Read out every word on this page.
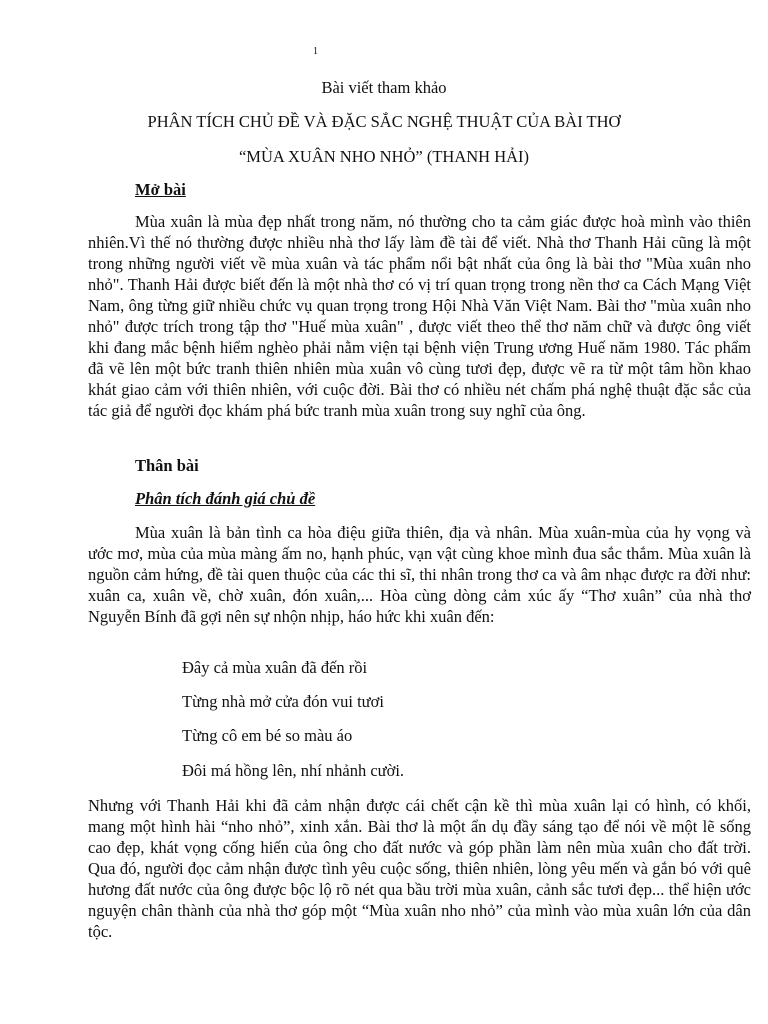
1

Bài viết tham khảo

PHÂN TÍCH CHỦ ĐỀ VÀ ĐẶC SẮC NGHỆ THUẬT CỦA BÀI THƠ

“MÙA XUÂN NHO NHỎ” (THANH HẢI)

Mở bài

Mùa xuân là mùa đẹp nhất trong năm, nó thường cho ta cảm giác được hoà mình vào thiên nhiên.Vì thế nó thường được nhiều nhà thơ lấy làm đề tài để viết. Nhà thơ Thanh Hải cũng là một trong những người viết về mùa xuân và tác phẩm nổi bật nhất của ông là bài thơ "Mùa xuân nho nhỏ". Thanh Hải được biết đến là một nhà thơ có vị trí quan trọng trong nền thơ ca Cách Mạng Việt Nam, ông từng giữ nhiều chức vụ quan trọng trong Hội Nhà Văn Việt Nam. Bài thơ "mùa xuân nho nhỏ" được trích trong tập thơ "Huế mùa xuân" , được viết theo thể thơ năm chữ và được ông viết khi đang mắc bệnh hiểm nghèo phải nằm viện tại bệnh viện Trung ương Huế năm 1980. Tác phẩm đã vẽ lên một bức tranh thiên nhiên mùa xuân vô cùng tươi đẹp, được vẽ ra từ một tâm hồn khao khát giao cảm với thiên nhiên, với cuộc đời. Bài thơ có nhiều nét chấm phá nghệ thuật đặc sắc của tác giả để người đọc khám phá bức tranh mùa xuân trong suy nghĩ của ông.

Thân bài

Phân tích đánh giá chủ đề

Mùa xuân là bản tình ca hòa điệu giữa thiên, địa và nhân. Mùa xuân-mùa của hy vọng và ước mơ, mùa của mùa màng ấm no, hạnh phúc, vạn vật cùng khoe mình đua sắc thắm. Mùa xuân là nguồn cảm hứng, đề tài quen thuộc của các thi sĩ, thi nhân trong thơ ca và âm nhạc được ra đời như: xuân ca, xuân về, chờ xuân, đón xuân,... Hòa cùng dòng cảm xúc ấy “Thơ xuân” của nhà thơ Nguyễn Bính đã gợi nên sự nhộn nhịp, háo hức khi xuân đến:

Đây cả mùa xuân đã đến rồi

Từng nhà mở cửa đón vui tươi

Từng cô em bé so màu áo

Đôi má hồng lên, nhí nhảnh cười.

Nhưng với Thanh Hải khi đã cảm nhận được cái chết cận kề thì mùa xuân lại có hình, có khối, mang một hình hài “nho nhỏ”, xinh xắn. Bài thơ là một ẩn dụ đầy sáng tạo để nói về một lẽ sống cao đẹp, khát vọng cống hiến của ông cho đất nước và góp phần làm nên mùa xuân cho đất trời. Qua đó, người đọc cảm nhận được tình yêu cuộc sống, thiên nhiên, lòng yêu mến và gắn bó với quê hương đất nước của ông được bộc lộ rõ nét qua bầu trời mùa xuân, cảnh sắc tươi đẹp... thể hiện ước nguyện chân thành của nhà thơ góp một “Mùa xuân nho nhỏ” của mình vào mùa xuân lớn của dân tộc.
